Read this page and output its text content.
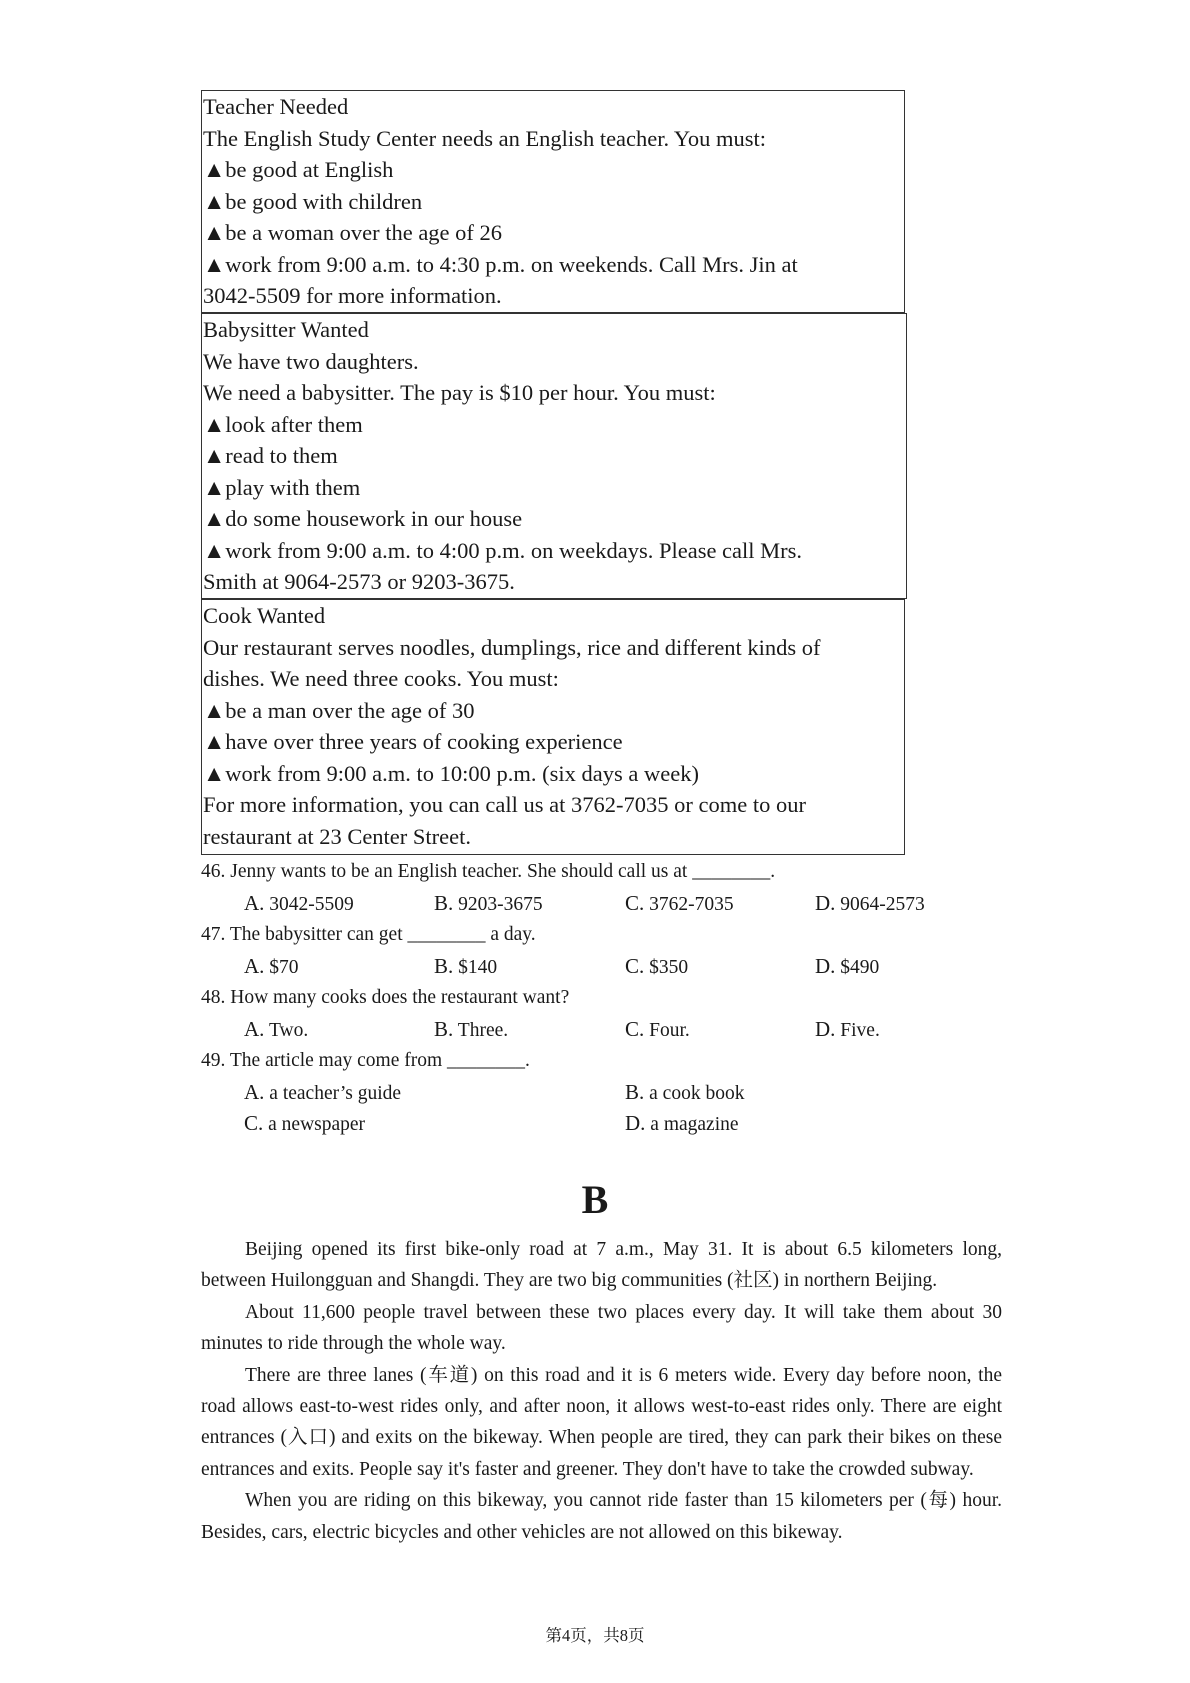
Teacher Needed
The English Study Center needs an English teacher. You must:
▲be good at English
▲be good with children
▲be a woman over the age of 26
▲work from 9:00 a.m. to 4:30 p.m. on weekends. Call Mrs. Jin at
3042-5509 for more information.
Babysitter Wanted
We have two daughters.
We need a babysitter. The pay is $10 per hour. You must:
▲look after them
▲read to them
▲play with them
▲do some housework in our house
▲work from 9:00 a.m. to 4:00 p.m. on weekdays. Please call Mrs.
Smith at 9064-2573 or 9203-3675.
Cook Wanted
Our restaurant serves noodles, dumplings, rice and different kinds of
dishes. We need three cooks. You must:
▲be a man over the age of 30
▲have over three years of cooking experience
▲work from 9:00 a.m. to 10:00 p.m. (six days a week)
For more information, you can call us at 3762-7035 or come to our
restaurant at 23 Center Street.
46. Jenny wants to be an English teacher. She should call us at ________.
A. 3042-5509	B. 9203-3675	C. 3762-7035	D. 9064-2573
47. The babysitter can get ________ a day.
A. $70	B. $140	C. $350	D. $490
48. How many cooks does the restaurant want?
A. Two.	B. Three.	C. Four.	D. Five.
49. The article may come from ________.
A. a teacher’s guide	B. a cook book
C. a newspaper	D. a magazine
B

Beijing opened its first bike-only road at 7 a.m., May 31. It is about 6.5 kilometers long, between Huilongguan and Shangdi. They are two big communities (社区) in northern Beijing.

About 11,600 people travel between these two places every day. It will take them about 30 minutes to ride through the whole way.

There are three lanes (车道) on this road and it is 6 meters wide. Every day before noon, the road allows east-to-west rides only, and after noon, it allows west-to-east rides only. There are eight entrances (入口) and exits on the bikeway. When people are tired, they can park their bikes on these entrances and exits. People say it's faster and greener. They don't have to take the crowded subway.

When you are riding on this bikeway, you cannot ride faster than 15 kilometers per (每) hour. Besides, cars, electric bicycles and other vehicles are not allowed on this bikeway.

第4页，共8页
